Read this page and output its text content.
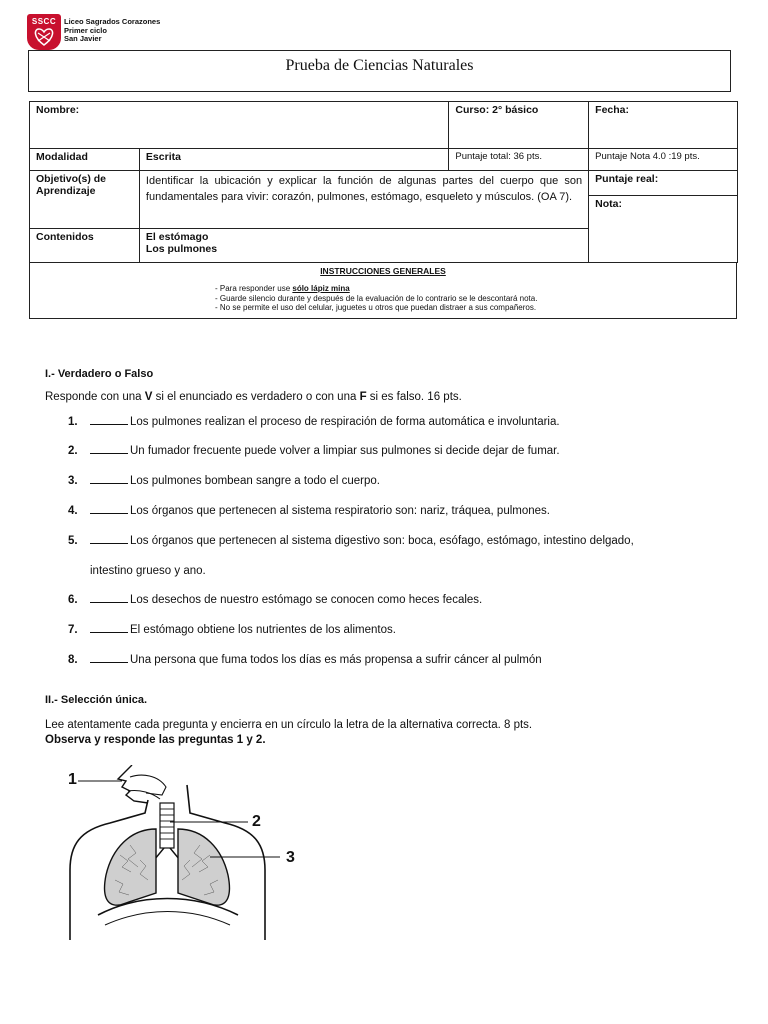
SSCC	Liceo Sagrados Corazones
Primer ciclo
San Javier
Prueba de Ciencias Naturales
Nombre:		Curso: 2° básico	Fecha:
Modalidad	Escrita	Puntaje total: 36 pts.	Puntaje Nota 4.0 :19 pts.
Objetivo(s) de Aprendizaje	Identificar la ubicación y explicar la función de algunas partes del cuerpo que son fundamentales para vivir: corazón, pulmones, estómago, esqueleto y músculos. (OA 7).		Puntaje real:
Nota:

Contenidos	El estómago
Los pulmones		
INSTRUCCIONES GENERALES
- Para responder use sólo lápiz mina
- Guarde silencio durante y después de la evaluación de lo contrario se le descontará nota.
- No se permite el uso del celular, juguetes u otros que puedan distraer a sus compañeros.
I.- Verdadero o Falso
Responde con una V si el enunciado es verdadero o con una F si es falso. 16 pts.
1.	Los pulmones realizan el proceso de respiración de forma automática e involuntaria.
2.	Un fumador frecuente puede volver a limpiar sus pulmones si decide dejar de fumar.
3.	Los pulmones bombean sangre a todo el cuerpo.
4.	Los órganos que pertenecen al sistema respiratorio son: nariz, tráquea, pulmones.
5.	Los órganos que pertenecen al sistema digestivo son: boca, esófago, estómago, intestino delgado,
intestino grueso y ano.
6.	Los desechos de nuestro estómago se conocen como heces fecales.
7.	El estómago obtiene los nutrientes de los alimentos.
8.	Una persona que fuma todos los días es más propensa a sufrir cáncer al pulmón
II.- Selección única.
Lee atentamente cada pregunta y encierra en un círculo la letra de la alternativa correcta. 8 pts.
Observa y responde las preguntas 1 y 2.
1
2
3
